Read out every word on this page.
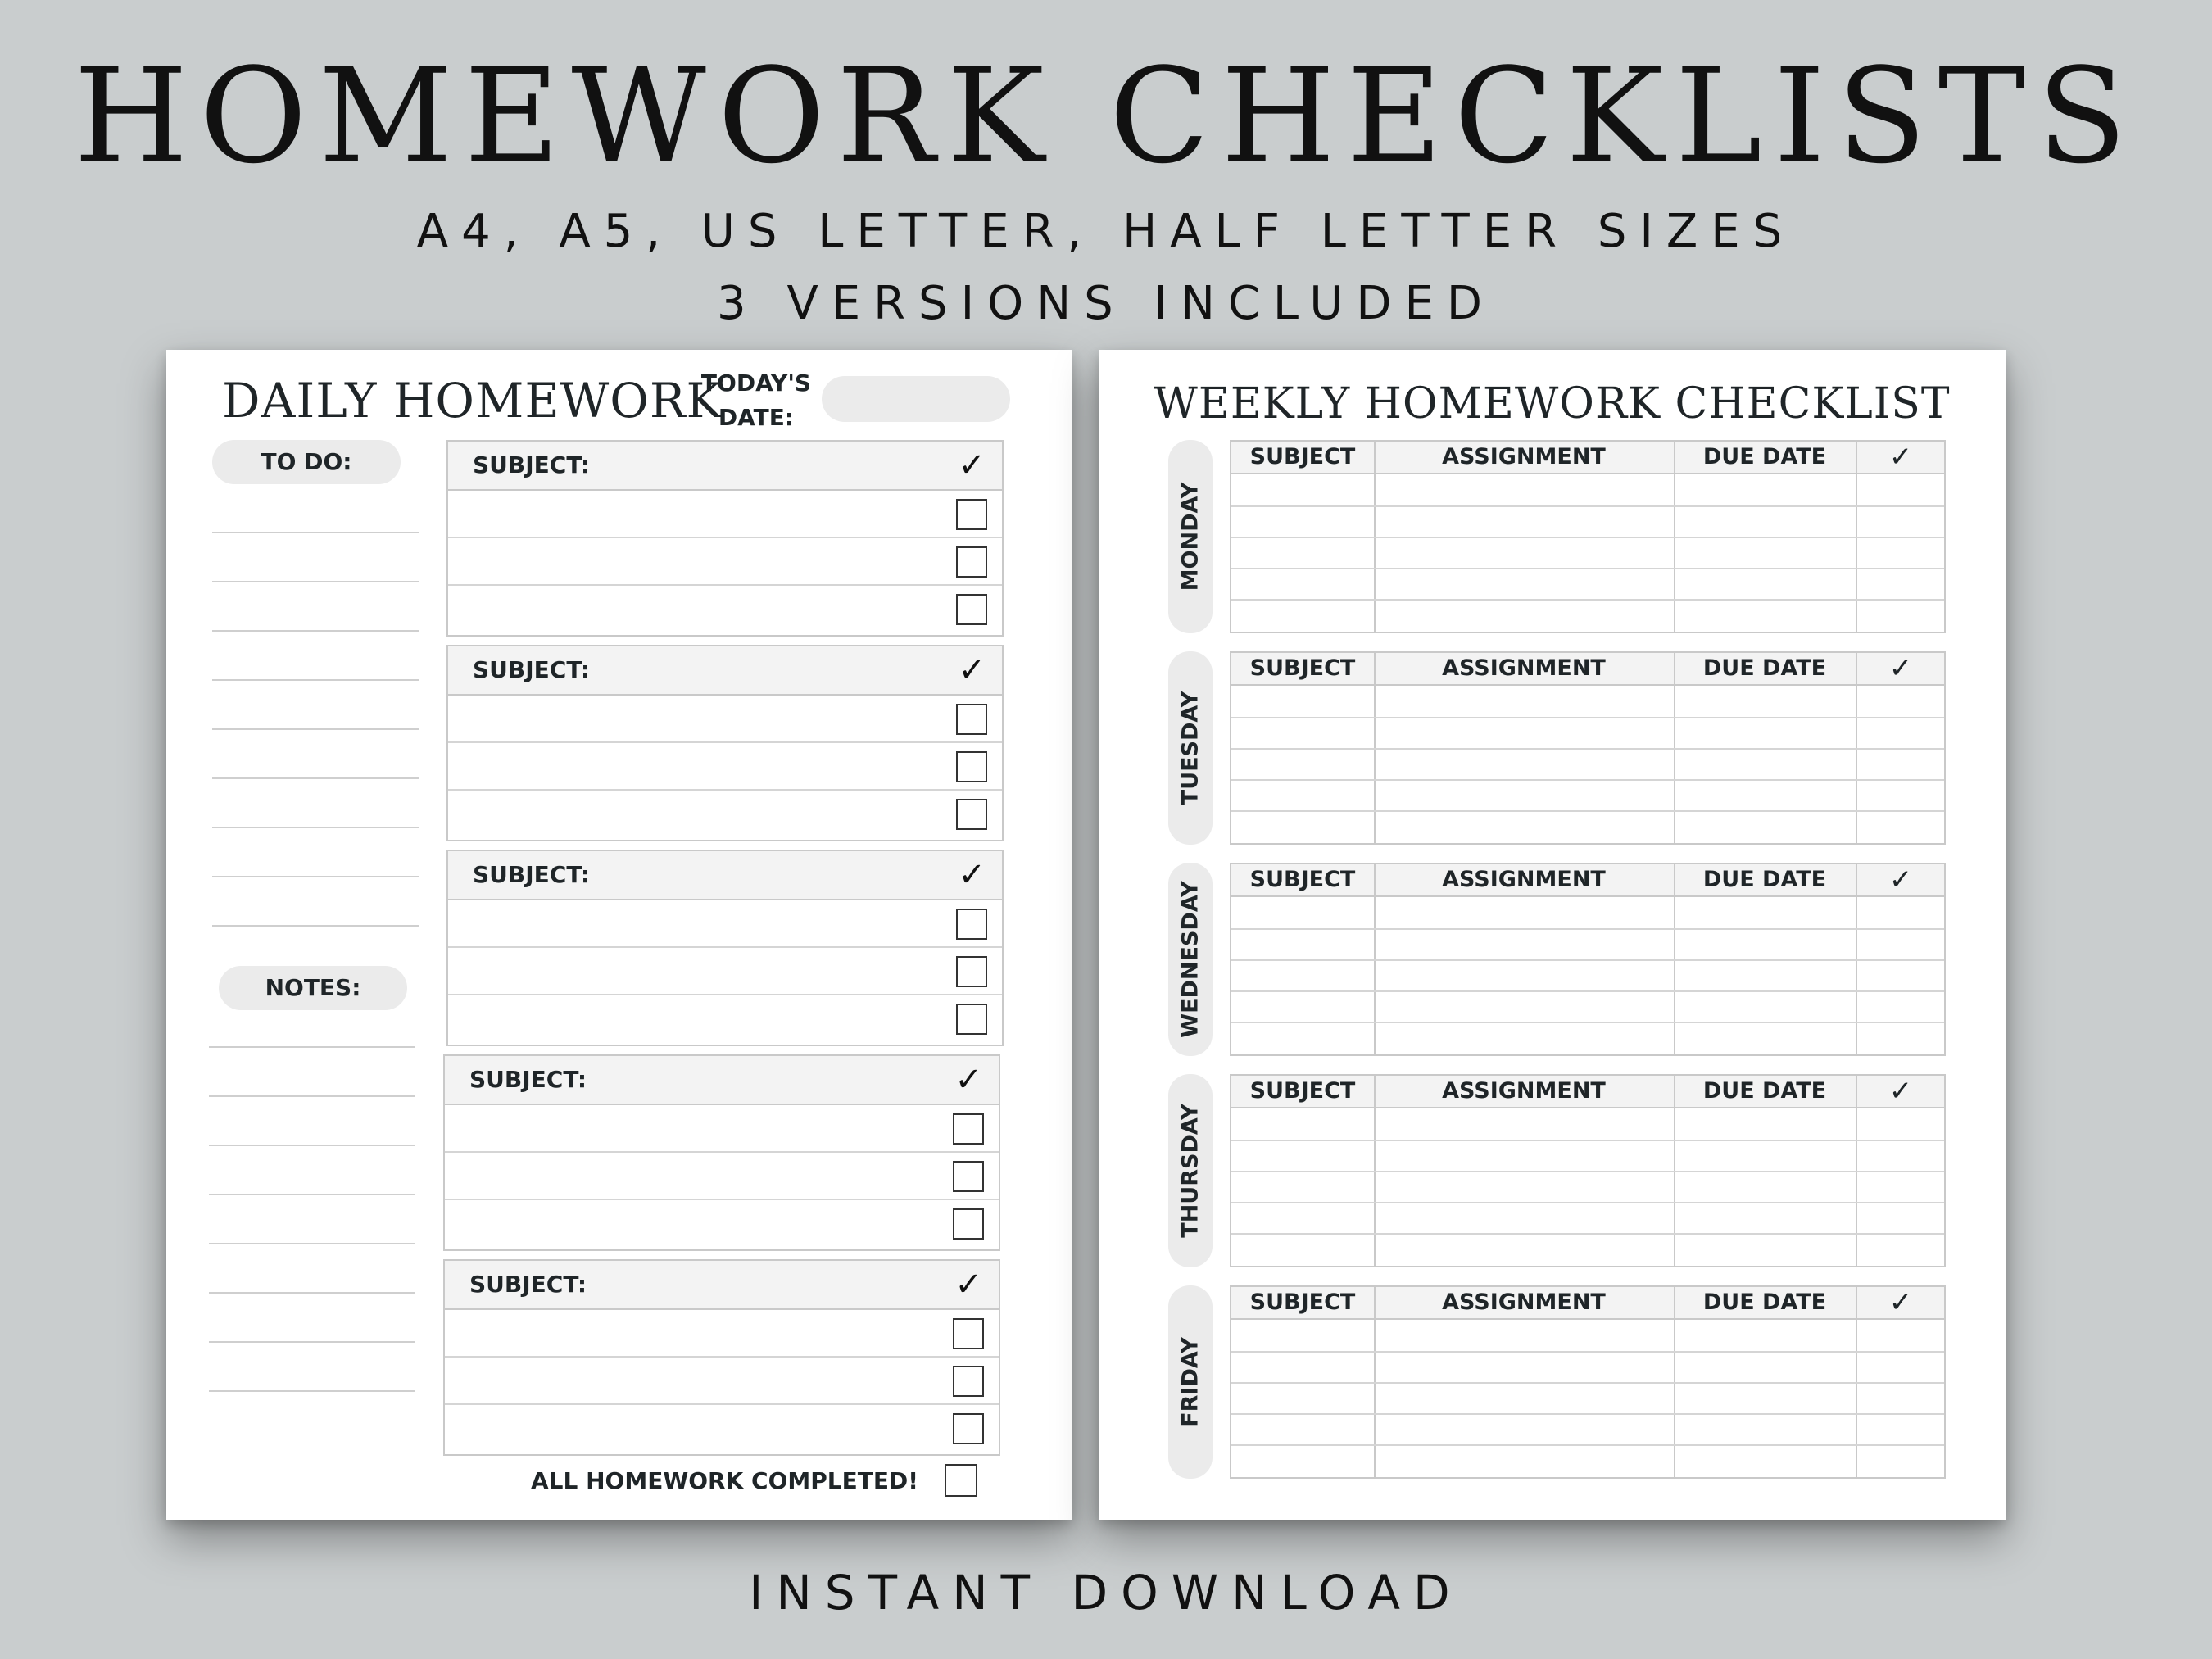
HOMEWORK CHECKLISTS
A4, A5, US LETTER, HALF LETTER SIZES
3 VERSIONS INCLUDED
DAILY HOMEWORK
TODAY'S
DATE:
TO DO:
NOTES:
SUBJECT:	✓
SUBJECT:	✓
SUBJECT:	✓
SUBJECT:	✓
SUBJECT:	✓
ALL HOMEWORK COMPLETED!
WEEKLY HOMEWORK CHECKLIST
MONDAY
SUBJECT	ASSIGNMENT	DUE DATE	✓
TUESDAY
SUBJECT	ASSIGNMENT	DUE DATE	✓
WEDNESDAY
SUBJECT	ASSIGNMENT	DUE DATE	✓
THURSDAY
SUBJECT	ASSIGNMENT	DUE DATE	✓
FRIDAY
SUBJECT	ASSIGNMENT	DUE DATE	✓
INSTANT DOWNLOAD
